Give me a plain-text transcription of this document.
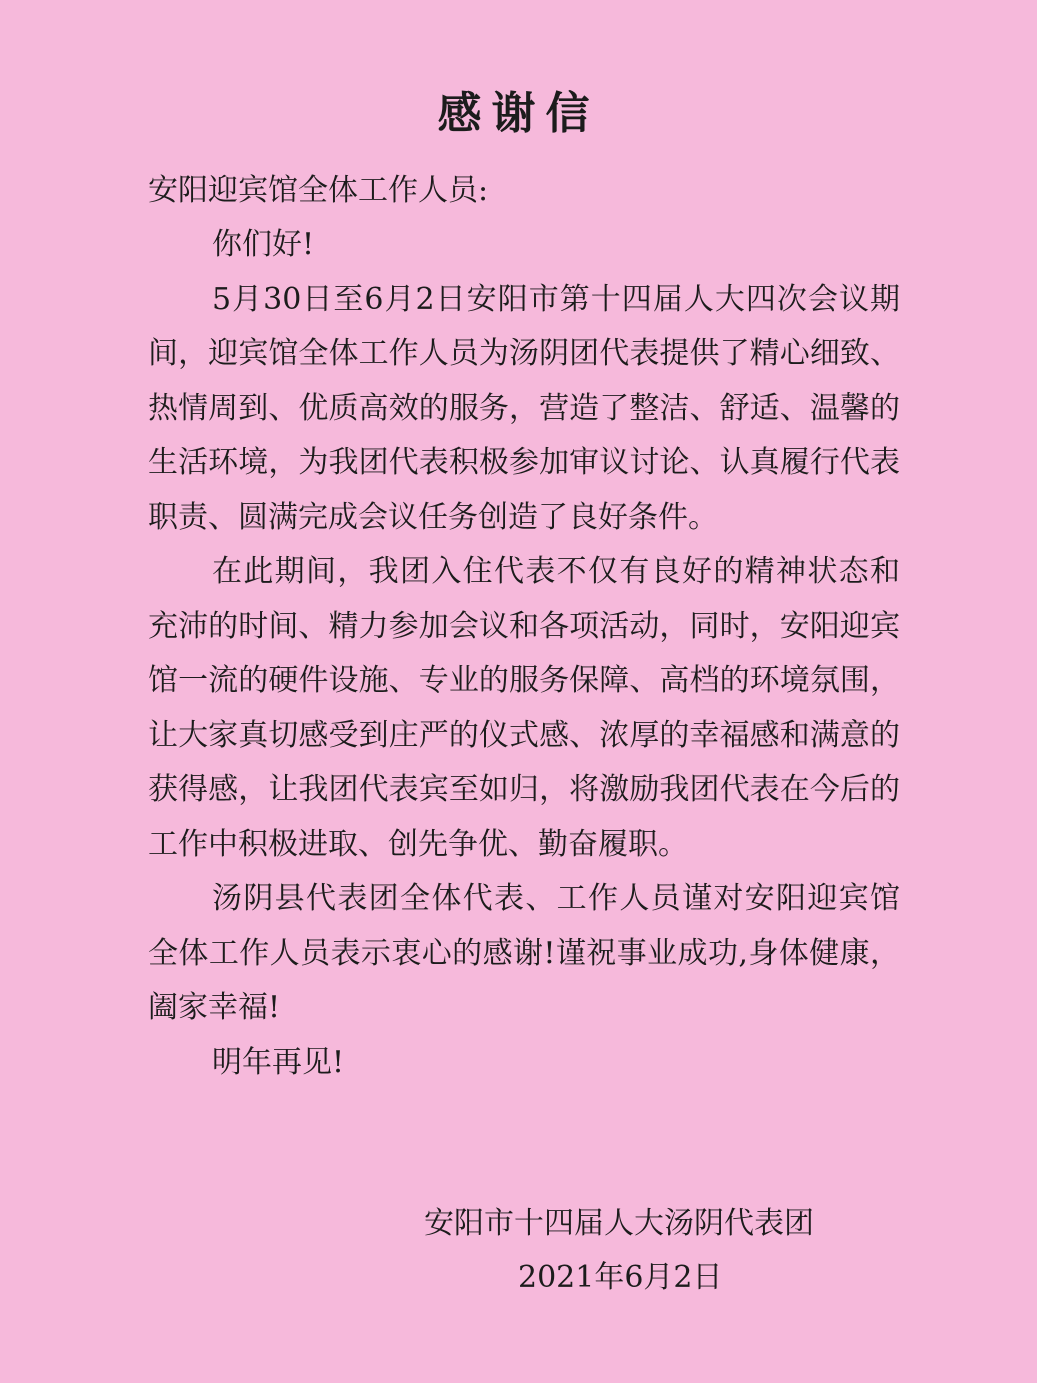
感谢信

安阳迎宾馆全体工作人员:

你们好!

5月30日至6月2日安阳市第十四届人大四次会议期间，迎宾馆全体工作人员为汤阴团代表提供了精心细致、热情周到、优质高效的服务，营造了整洁、舒适、温馨的生活环境，为我团代表积极参加审议讨论、认真履行代表职责、圆满完成会议任务创造了良好条件。

在此期间，我团入住代表不仅有良好的精神状态和充沛的时间、精力参加会议和各项活动，同时，安阳迎宾馆一流的硬件设施、专业的服务保障、高档的环境氛围，让大家真切感受到庄严的仪式感、浓厚的幸福感和满意的获得感，让我团代表宾至如归，将激励我团代表在今后的工作中积极进取、创先争优、勤奋履职。

汤阴县代表团全体代表、工作人员谨对安阳迎宾馆全体工作人员表示衷心的感谢!谨祝事业成功,身体健康，阖家幸福!

明年再见!

安阳市十四届人大汤阴代表团

2021年6月2日
